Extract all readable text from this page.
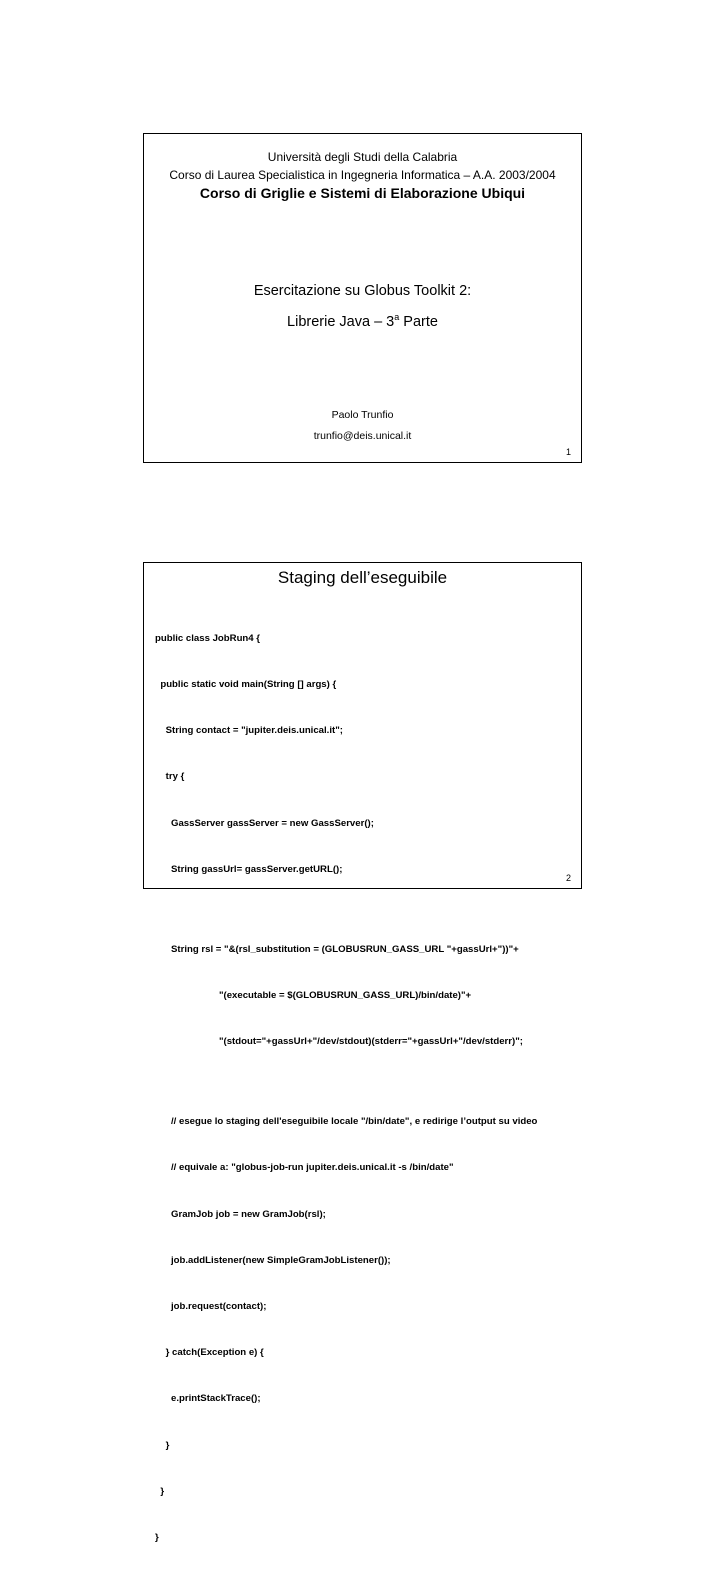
Università degli Studi della Calabria
Corso di Laurea Specialistica in Ingegneria Informatica – A.A. 2003/2004
Corso di Griglie e Sistemi di Elaborazione Ubiqui
Esercitazione su Globus Toolkit 2:
Librerie Java – 3$^a$ Parte
Paolo Trunfio
trunfio@deis.unical.it
1
Staging dell’eseguibile

public class JobRun4 {

public static void main(String [] args) {

String contact = "jupiter.deis.unical.it";

try {

GassServer gassServer = new GassServer();

String gassUrl= gassServer.getURL();

String rsl = "&(rsl_substitution = (GLOBUSRUN_GASS_URL "+gassUrl+"))"+

"(executable = $(GLOBUSRUN_GASS_URL)/bin/date)"+

"(stdout="+gassUrl+"/dev/stdout)(stderr="+gassUrl+"/dev/stderr)";

// esegue lo staging dell'eseguibile locale "/bin/date", e redirige l’output su video

// equivale a: "globus-job-run jupiter.deis.unical.it -s /bin/date"

GramJob job = new GramJob(rsl);

job.addListener(new SimpleGramJobListener());

job.request(contact);

} catch(Exception e) {

e.printStackTrace();

}

}

}

2
